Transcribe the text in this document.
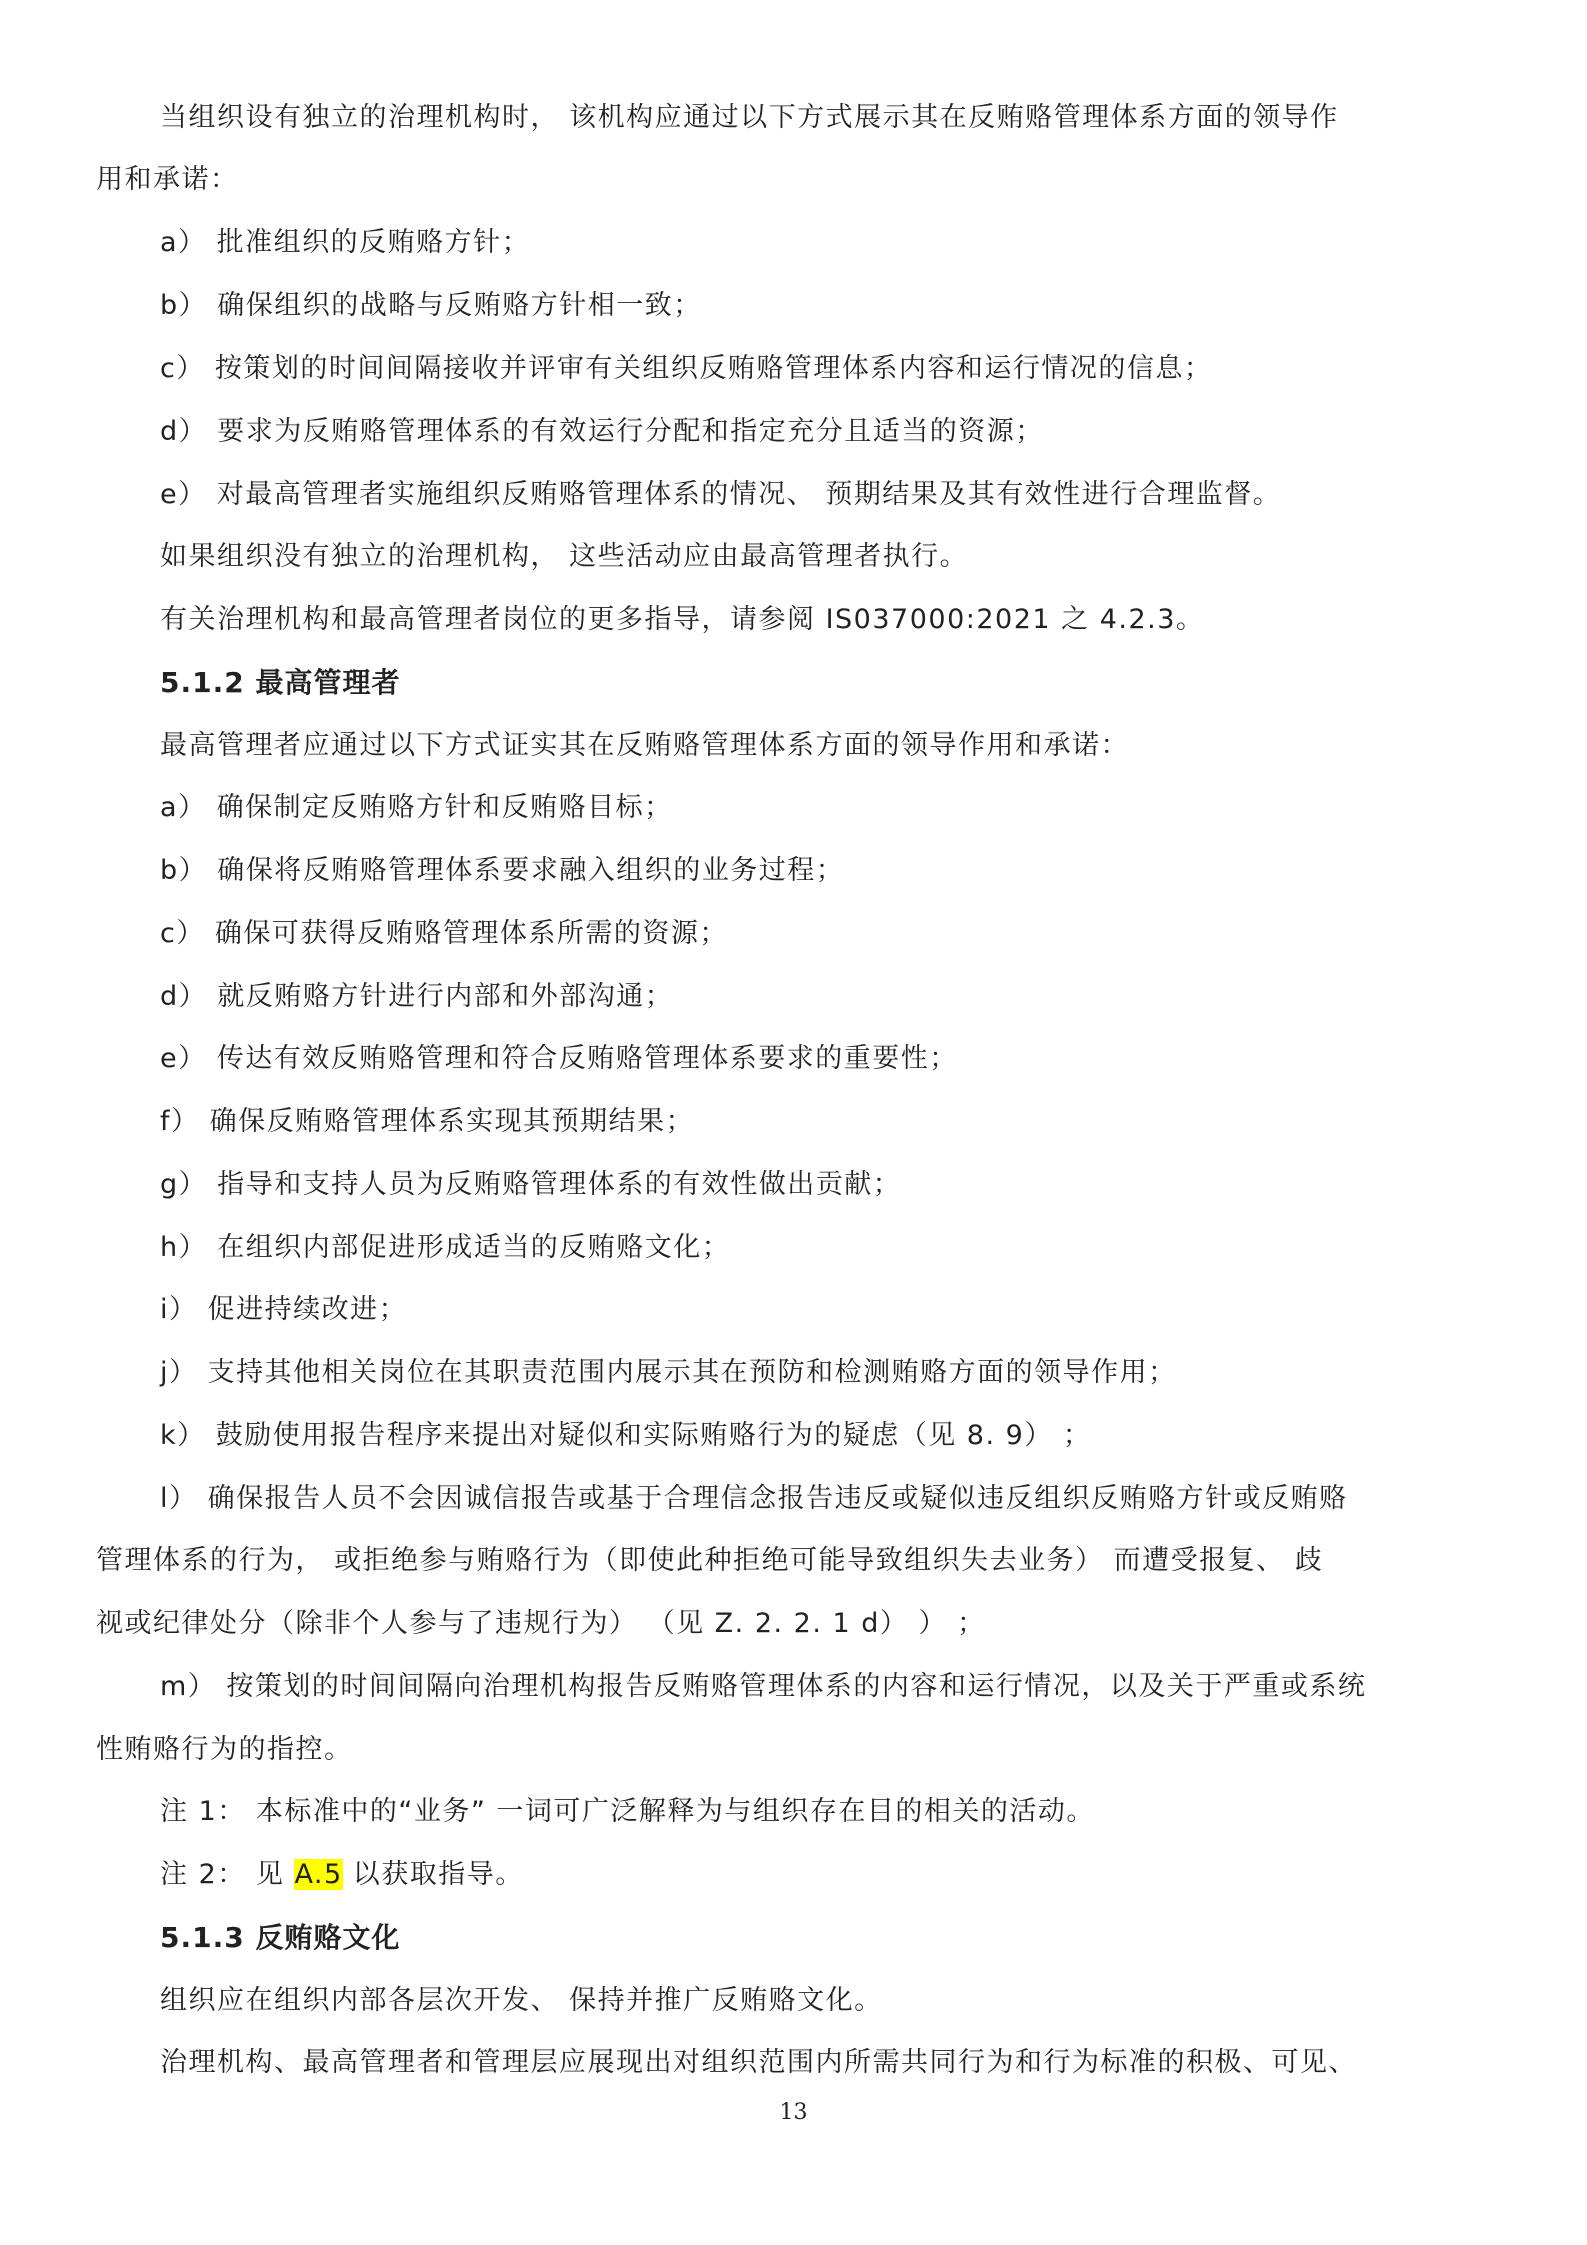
当组织设有独立的治理机构时， 该机构应通过以下方式展示其在反贿赂管理体系方面的领导作
用和承诺：
a） 批准组织的反贿赂方针；
b） 确保组织的战略与反贿赂方针相一致；
c） 按策划的时间间隔接收并评审有关组织反贿赂管理体系内容和运行情况的信息；
d） 要求为反贿赂管理体系的有效运行分配和指定充分且适当的资源；
e） 对最高管理者实施组织反贿赂管理体系的情况、 预期结果及其有效性进行合理监督。
如果组织没有独立的治理机构， 这些活动应由最高管理者执行。
有关治理机构和最高管理者岗位的更多指导，请参阅 IS037000:2021 之 4.2.3。
5.1.2 最高管理者
最高管理者应通过以下方式证实其在反贿赂管理体系方面的领导作用和承诺：
a） 确保制定反贿赂方针和反贿赂目标；
b） 确保将反贿赂管理体系要求融入组织的业务过程；
c） 确保可获得反贿赂管理体系所需的资源；
d） 就反贿赂方针进行内部和外部沟通；
e） 传达有效反贿赂管理和符合反贿赂管理体系要求的重要性；
f） 确保反贿赂管理体系实现其预期结果；
g） 指导和支持人员为反贿赂管理体系的有效性做出贡献；
h） 在组织内部促进形成适当的反贿赂文化；
i） 促进持续改进；
j） 支持其他相关岗位在其职责范围内展示其在预防和检测贿赂方面的领导作用；
k） 鼓励使用报告程序来提出对疑似和实际贿赂行为的疑虑（见 8. 9） ；
l） 确保报告人员不会因诚信报告或基于合理信念报告违反或疑似违反组织反贿赂方针或反贿赂
管理体系的行为， 或拒绝参与贿赂行为（即使此种拒绝可能导致组织失去业务） 而遭受报复、 歧
视或纪律处分（除非个人参与了违规行为） （见 Z. 2. 2. 1 d） ） ；
m） 按策划的时间间隔向治理机构报告反贿赂管理体系的内容和运行情况，以及关于严重或系统
性贿赂行为的指控。
注 1： 本标准中的“业务” 一词可广泛解释为与组织存在目的相关的活动。
注 2： 见 A.5 以获取指导。
5.1.3 反贿赂文化
组织应在组织内部各层次开发、 保持并推广反贿赂文化。
治理机构、最高管理者和管理层应展现出对组织范围内所需共同行为和行为标准的积极、可见、
13
